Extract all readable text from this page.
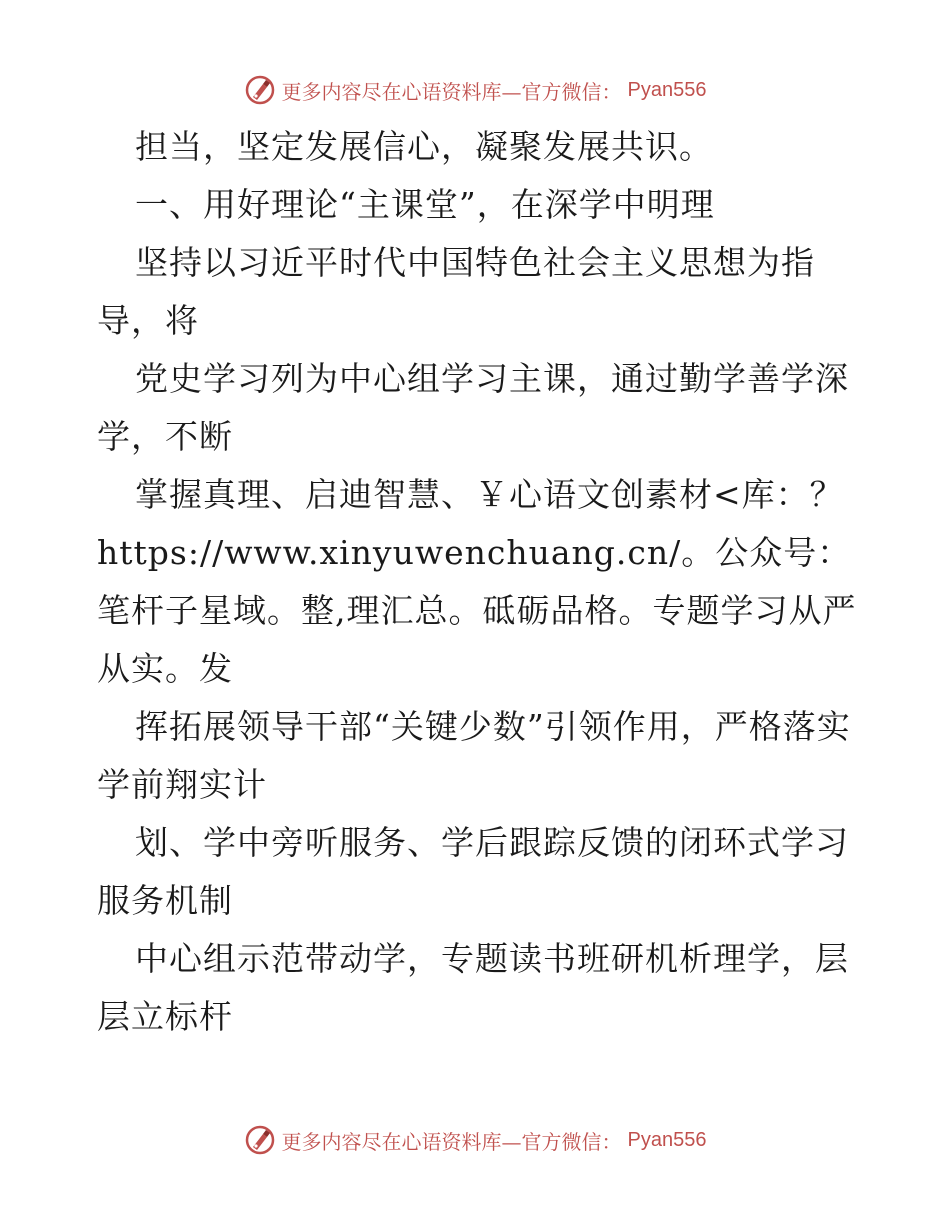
更多内容尽在心语资料库—官方微信： Pyan556

担当，坚定发展信心，凝聚发展共识。

一、用好理论“主课堂”，在深学中明理

坚持以习近平时代中国特色社会主义思想为指导，将

党史学习列为中心组学习主课，通过勤学善学深学，不断

掌握真理、启迪智慧、￥心语文创素材<库：？https://www.xinyuwenchuang.cn/。公众号：笔杆子星域。整,理汇总。砥砺品格。专题学习从严从实。发

挥拓展领导干部“关键少数”引领作用，严格落实学前翔实计

划、学中旁听服务、学后跟踪反馈的闭环式学习服务机制

中心组示范带动学，专题读书班研机析理学，层层立标杆

更多内容尽在心语资料库—官方微信： Pyan556
